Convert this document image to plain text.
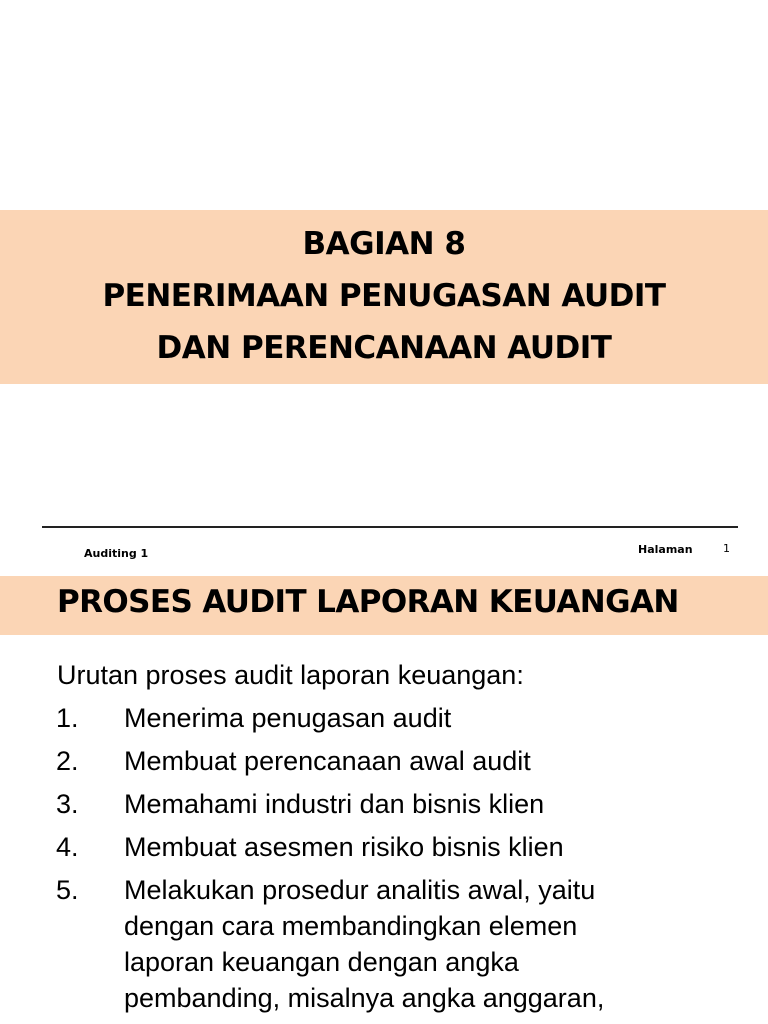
BAGIAN 8
PENERIMAAN PENUGASAN AUDIT
DAN PERENCANAAN AUDIT
Auditing 1	Halaman	1
PROSES AUDIT LAPORAN KEUANGAN
Urutan proses audit laporan keuangan:
1. Menerima penugasan audit
2. Membuat perencanaan awal audit
3. Memahami industri dan bisnis klien
4. Membuat asesmen risiko bisnis klien
5. Melakukan prosedur analitis awal, yaitu
dengan cara membandingkan elemen
laporan keuangan dengan angka
pembanding, misalnya angka anggaran,
